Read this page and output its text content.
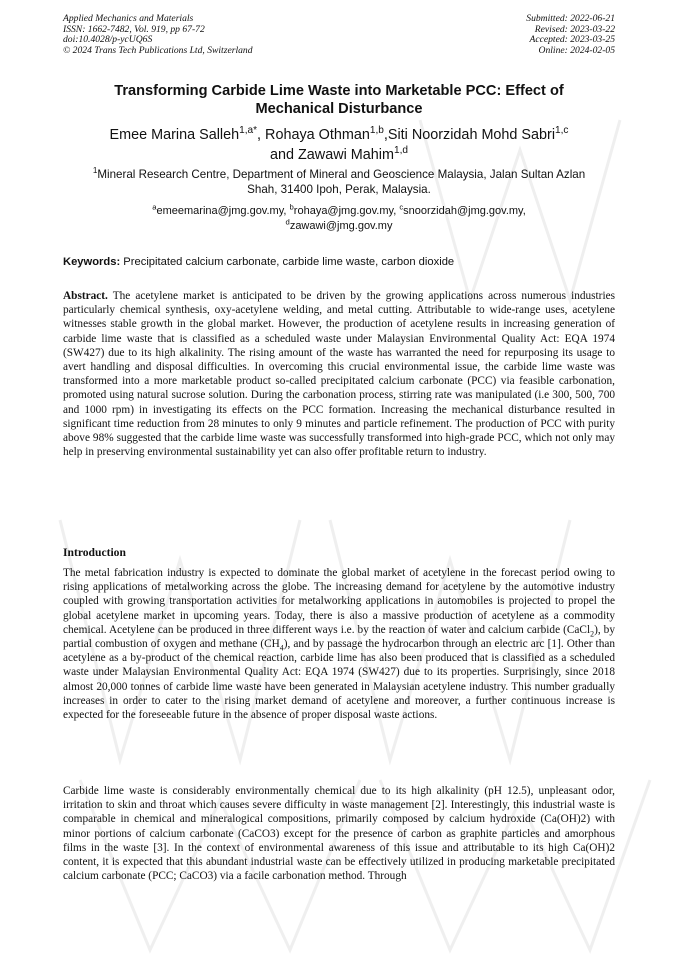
Applied Mechanics and Materials
ISSN: 1662-7482, Vol. 919, pp 67-72
doi:10.4028/p-ycUQ6S
© 2024 Trans Tech Publications Ltd, Switzerland
Submitted: 2022-06-21
Revised: 2023-03-22
Accepted: 2023-03-25
Online: 2024-02-05
Transforming Carbide Lime Waste into Marketable PCC: Effect of
Mechanical Disturbance
Emee Marina Salleh$^{1,a*}$, Rohaya Othman$^{1,b}$,Siti Noorzidah Mohd Sabri$^{1,c}$
and Zawawi Mahim$^{1,d}$
$^1$Mineral Research Centre, Department of Mineral and Geoscience Malaysia, Jalan Sultan Azlan
Shah, 31400 Ipoh, Perak, Malaysia.
$^a$emeemarina@jmg.gov.my, $^b$rohaya@jmg.gov.my, $^c$snoorzidah@jmg.gov.my,
$^d$zawawi@jmg.gov.my
Keywords: Precipitated calcium carbonate, carbide lime waste, carbon dioxide
Abstract. The acetylene market is anticipated to be driven by the growing applications across numerous industries particularly chemical synthesis, oxy-acetylene welding, and metal cutting. Attributable to wide-range uses, acetylene witnesses stable growth in the global market. However, the production of acetylene results in increasing generation of carbide lime waste that is classified as a scheduled waste under Malaysian Environmental Quality Act: EQA 1974 (SW427) due to its high alkalinity. The rising amount of the waste has warranted the need for repurposing its usage to avert handling and disposal difficulties. In overcoming this crucial environmental issue, the carbide lime waste was transformed into a more marketable product so-called precipitated calcium carbonate (PCC) via feasible carbonation, promoted using natural sucrose solution. During the carbonation process, stirring rate was manipulated (i.e 300, 500, 700 and 1000 rpm) in investigating its effects on the PCC formation. Increasing the mechanical disturbance resulted in significant time reduction from 28 minutes to only 9 minutes and particle refinement. The production of PCC with purity above 98% suggested that the carbide lime waste was successfully transformed into high-grade PCC, which not only may help in preserving environmental sustainability yet can also offer profitable return to industry.
Introduction
The metal fabrication industry is expected to dominate the global market of acetylene in the forecast period owing to rising applications of metalworking across the globe. The increasing demand for acetylene by the automotive industry coupled with growing transportation activities for metalworking applications in automobiles is projected to propel the global acetylene market in upcoming years. Today, there is also a massive production of acetylene as a commodity chemical. Acetylene can be produced in three different ways i.e. by the reaction of water and calcium carbide (CaCl$_2$), by partial combustion of oxygen and methane $(CH_4)$, and by passage the hydrocarbon through an electric arc [1]. Other than acetylene as a by-product of the chemical reaction, carbide lime has also been produced that is classified as a scheduled waste under Malaysian Environmental Quality Act: EQA 1974 (SW427) due to its properties. Surprisingly, since 2018 almost 20,000 tonnes of carbide lime waste have been generated in Malaysian acetylene industry. This number gradually increases in order to cater to the rising market demand of acetylene and moreover, a further continuous increase is expected for the foreseeable future in the absence of proper disposal waste actions.
Carbide lime waste is considerably environmentally chemical due to its high alkalinity (pH 12.5), unpleasant odor, irritation to skin and throat which causes severe difficulty in waste management [2]. Interestingly, this industrial waste is comparable in chemical and mineralogical compositions, primarily composed by calcium hydroxide (Ca(OH)2) with minor portions of calcium carbonate (CaCO3) except for the presence of carbon as graphite particles and amorphous films in the waste [3]. In the context of environmental awareness of this issue and attributable to its high Ca(OH)2 content, it is expected that this abundant industrial waste can be effectively utilized in producing marketable precipitated calcium carbonate (PCC; CaCO3) via a facile carbonation method. Through
